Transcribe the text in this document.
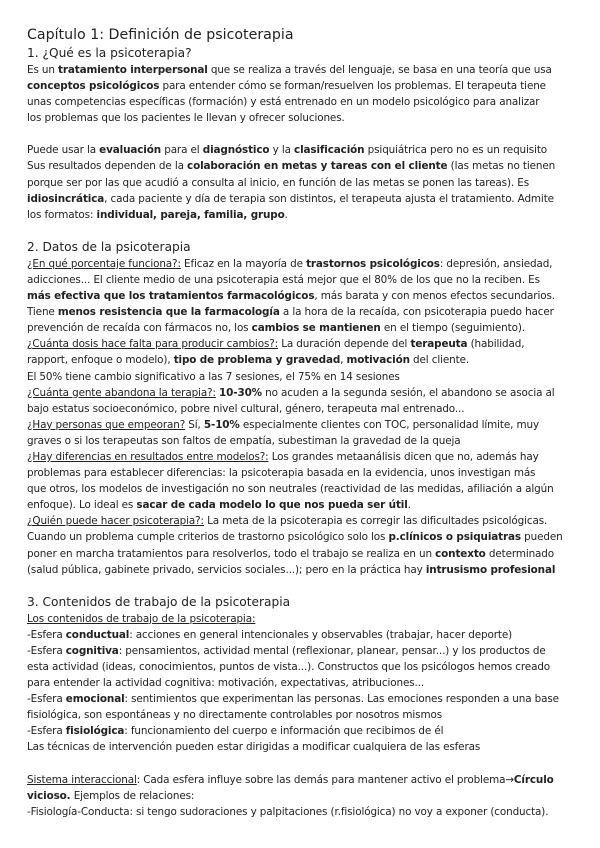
Capítulo 1: Definición de psicoterapia
1. ¿Qué es la psicoterapia?
Es un tratamiento interpersonal que se realiza a través del lenguaje, se basa en una teoría que usa
conceptos psicológicos para entender cómo se forman/resuelven los problemas. El terapeuta tiene
unas competencias específicas (formación) y está entrenado en un modelo psicológico para analizar
los problemas que los pacientes le llevan y ofrecer soluciones.
Puede usar la evaluación para el diagnóstico y la clasificación psiquiátrica pero no es un requisito
Sus resultados dependen de la colaboración en metas y tareas con el cliente (las metas no tienen
porque ser por las que acudió a consulta al inicio, en función de las metas se ponen las tareas). Es
idiosincrática, cada paciente y día de terapia son distintos, el terapeuta ajusta el tratamiento. Admite
los formatos: individual, pareja, familia, grupo.
2. Datos de la psicoterapia
¿En qué porcentaje funciona?: Eficaz en la mayoría de trastornos psicológicos: depresión, ansiedad,
adicciones... El cliente medio de una psicoterapia está mejor que el 80% de los que no la reciben. Es
más efectiva que los tratamientos farmacológicos, más barata y con menos efectos secundarios.
Tiene menos resistencia que la farmacología a la hora de la recaída, con psicoterapia puedo hacer
prevención de recaída con fármacos no, los cambios se mantienen en el tiempo (seguimiento).
¿Cuánta dosis hace falta para producir cambios?: La duración depende del terapeuta (habilidad,
rapport, enfoque o modelo), tipo de problema y gravedad, motivación del cliente.
El 50% tiene cambio significativo a las 7 sesiones, el 75% en 14 sesiones
¿Cuánta gente abandona la terapia?: 10-30% no acuden a la segunda sesión, el abandono se asocia al
bajo estatus socioeconómico, pobre nivel cultural, género, terapeuta mal entrenado...
¿Hay personas que empeoran? Sí, 5-10% especialmente clientes con TOC, personalidad límite, muy
graves o si los terapeutas son faltos de empatía, subestiman la gravedad de la queja
¿Hay diferencias en resultados entre modelos?: Los grandes metaanálisis dicen que no, además hay
problemas para establecer diferencias: la psicoterapia basada en la evidencia, unos investigan más
que otros, los modelos de investigación no son neutrales (reactividad de las medidas, afiliación a algún
enfoque). Lo ideal es sacar de cada modelo lo que nos pueda ser útil.
¿Quién puede hacer psicoterapia?: La meta de la psicoterapia es corregir las dificultades psicológicas.
Cuando un problema cumple criterios de trastorno psicológico solo los p.clínicos o psiquiatras pueden
poner en marcha tratamientos para resolverlos, todo el trabajo se realiza en un contexto determinado
(salud pública, gabinete privado, servicios sociales...); pero en la práctica hay intrusismo profesional
3. Contenidos de trabajo de la psicoterapia
Los contenidos de trabajo de la psicoterapia:
-Esfera conductual: acciones en general intencionales y observables (trabajar, hacer deporte)
-Esfera cognitiva: pensamientos, actividad mental (reflexionar, planear, pensar...) y los productos de
esta actividad (ideas, conocimientos, puntos de vista...). Constructos que los psicólogos hemos creado
para entender la actividad cognitiva: motivación, expectativas, atribuciones...
-Esfera emocional: sentimientos que experimentan las personas. Las emociones responden a una base
fisiológica, son espontáneas y no directamente controlables por nosotros mismos
-Esfera fisiológica: funcionamiento del cuerpo e información que recibimos de él
Las técnicas de intervención pueden estar dirigidas a modificar cualquiera de las esferas
Sistema interaccional: Cada esfera influye sobre las demás para mantener activo el problema→Círculo
vicioso. Ejemplos de relaciones:
-Fisiología-Conducta: si tengo sudoraciones y palpitaciones (r.fisiológica) no voy a exponer (conducta).
